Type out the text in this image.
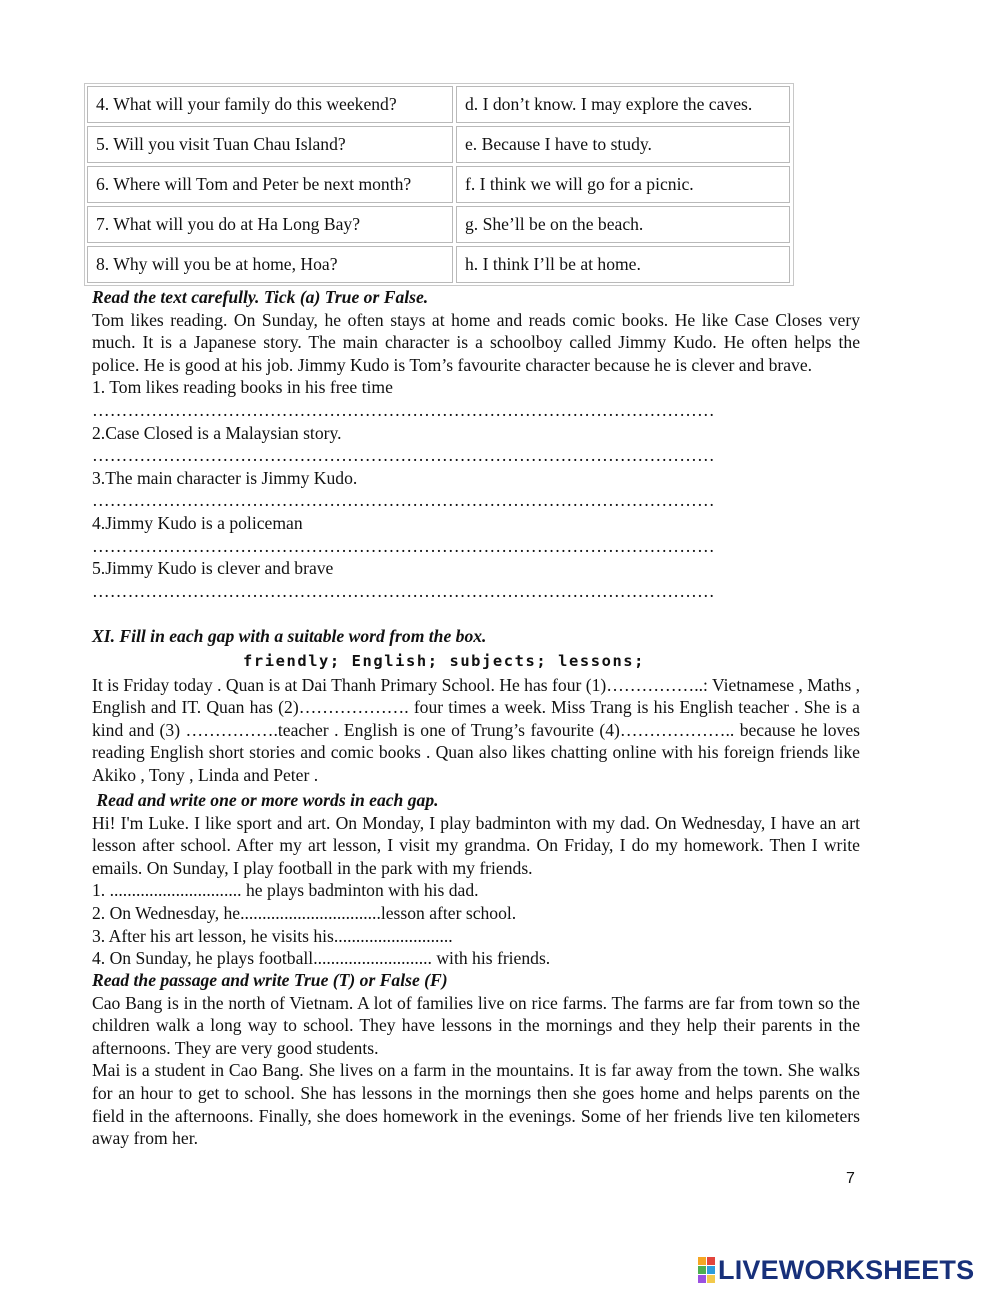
4. What will your family do this weekend?	d. I don’t know. I may explore the caves.
5. Will you visit Tuan Chau Island?	e. Because I have to study.
6. Where will Tom and Peter be next month?	f. I think we will go for a picnic.
7. What will you do at Ha Long Bay?	g. She’ll be on the beach.
8. Why will you be at home, Hoa?	h. I think I’ll be at home.
Read the text carefully. Tick (a) True or False.
Tom likes reading. On Sunday, he often stays at home and reads comic books. He like Case Closes very much. It is a Japanese story. The main character is a schoolboy called Jimmy Kudo. He often helps the police. He is good at his job. Jimmy Kudo is Tom’s favourite character because he is clever and brave.
1. Tom likes reading books in his free time
……………………………………………………………………………………………
2.Case Closed is a Malaysian story.
……………………………………………………………………………………………
3.The main character is Jimmy Kudo.
……………………………………………………………………………………………
4.Jimmy Kudo is a policeman
……………………………………………………………………………………………
5.Jimmy Kudo is clever and brave
……………………………………………………………………………………………
XI. Fill in each gap with a suitable word from the box.
friendly; English; subjects; lessons;
It is Friday today . Quan is at Dai Thanh Primary School. He has four (1)……………..: Vietnamese , Maths , English and IT. Quan has (2)………………. four times a week. Miss Trang is his English teacher . She is a kind and (3) …………….teacher . English is one of Trung’s favourite (4)……………….. because he loves reading English short stories and comic books . Quan also likes chatting online with his foreign friends like Akiko , Tony , Linda and Peter .
Read and write one or more words in each gap.
Hi! I'm Luke. I like sport and art. On Monday, I play badminton with my dad. On Wednesday, I have an art lesson after school. After my art lesson, I visit my grandma. On Friday, I do my homework. Then I write emails. On Sunday, I play football in the park with my friends.
1. .............................. he plays badminton with his dad.
2. On Wednesday, he................................lesson after school.
3. After his art lesson, he visits his...........................
4. On Sunday, he plays football........................... with his friends.
Read the passage and write True (T) or False (F)
Cao Bang is in the north of Vietnam. A lot of families live on rice farms. The farms are far from town so the children walk a long way to school. They have lessons in the mornings and they help their parents in the afternoons. They are very good students.
Mai is a student in Cao Bang. She lives on a farm in the mountains. It is far away from the town. She walks for an hour to get to school. She has lessons in the mornings then she goes home and helps parents on the field in the afternoons. Finally, she does homework in the evenings. Some of her friends live ten kilometers away from her.
7
LIVEWORKSHEETS
